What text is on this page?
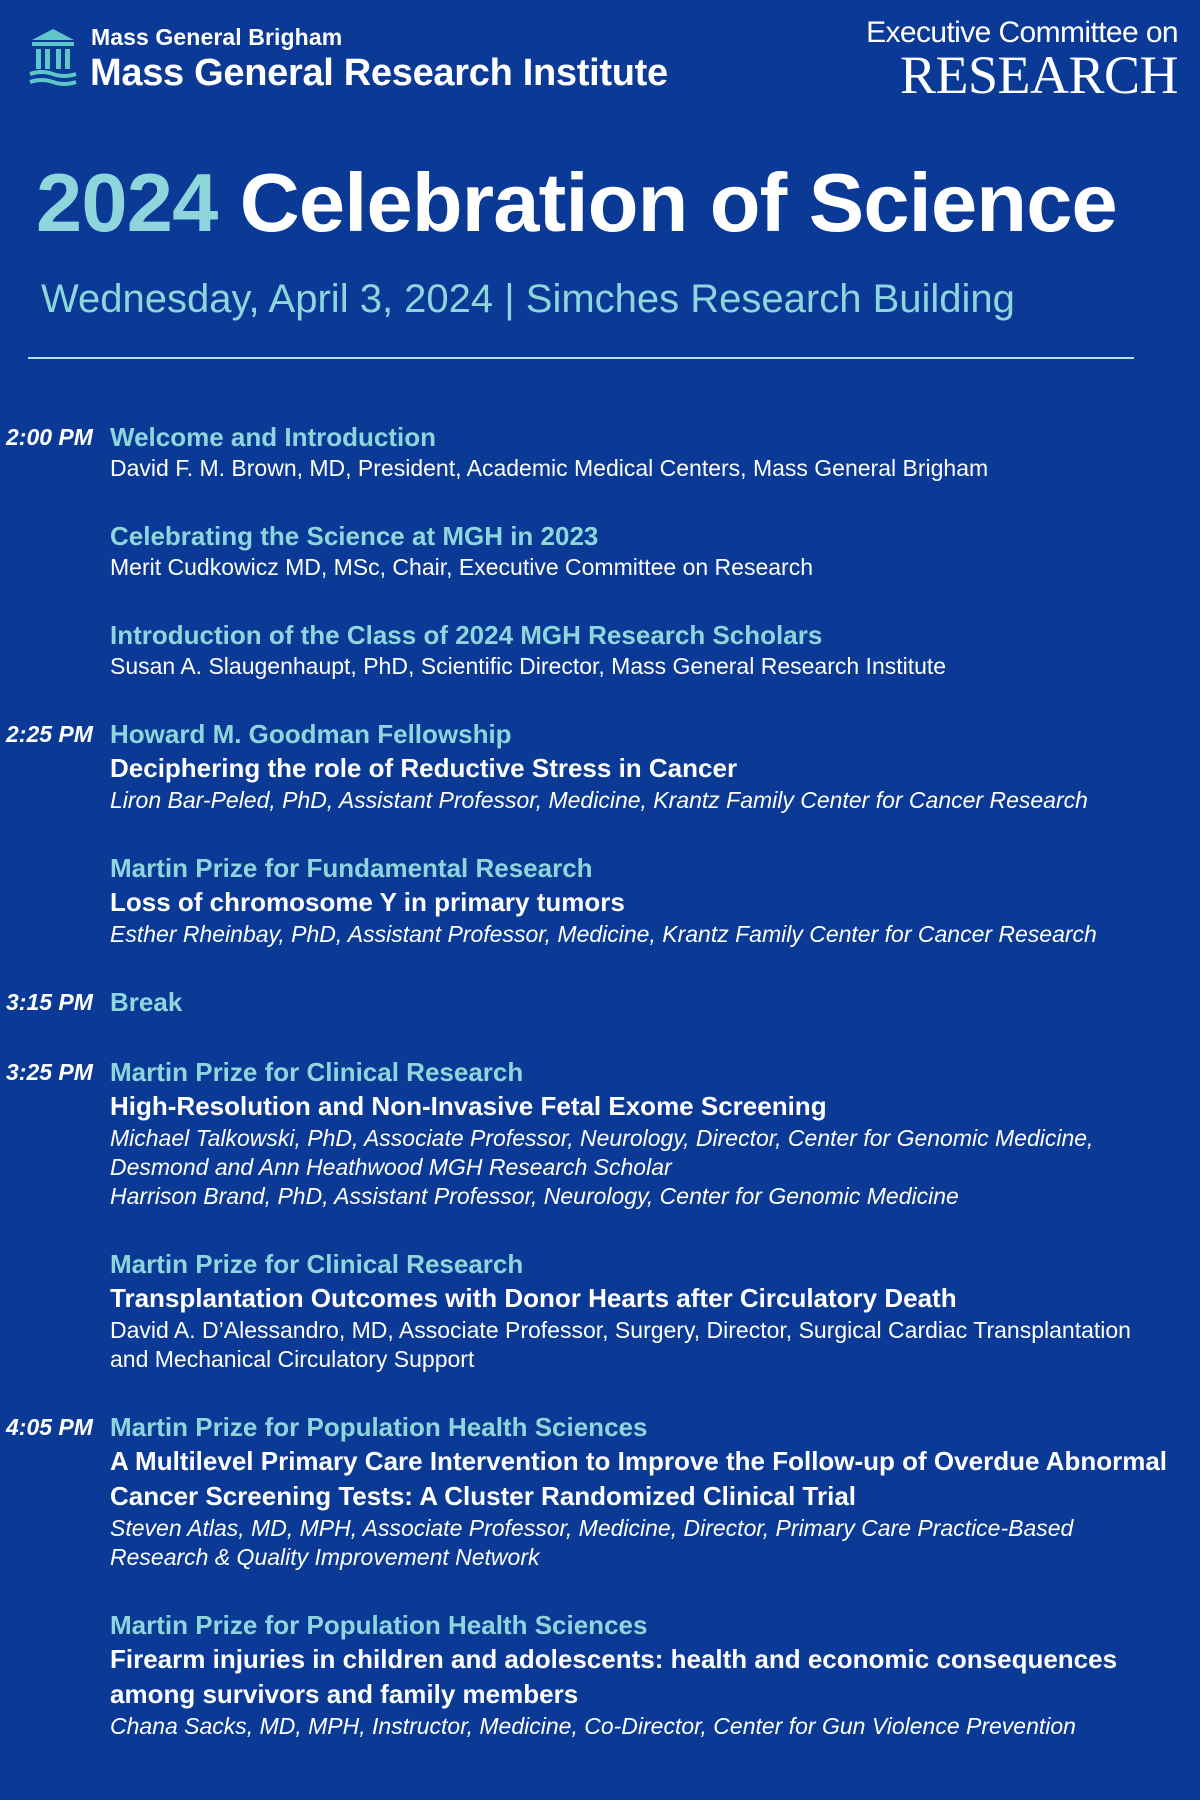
Mass General Brigham
Mass General Research Institute
Executive Committee on
RESEARCH
2024 Celebration of Science
Wednesday, April 3, 2024 | Simches Research Building
2:00 PM Welcome and Introduction
David F. M. Brown, MD, President, Academic Medical Centers, Mass General Brigham
Celebrating the Science at MGH in 2023
Merit Cudkowicz MD, MSc, Chair, Executive Committee on Research
Introduction of the Class of 2024 MGH Research Scholars
Susan A. Slaugenhaupt, PhD, Scientific Director, Mass General Research Institute
2:25 PM Howard M. Goodman Fellowship
Deciphering the role of Reductive Stress in Cancer
Liron Bar-Peled, PhD, Assistant Professor, Medicine, Krantz Family Center for Cancer Research
Martin Prize for Fundamental Research
Loss of chromosome Y in primary tumors
Esther Rheinbay, PhD, Assistant Professor, Medicine, Krantz Family Center for Cancer Research
3:15 PM Break
3:25 PM Martin Prize for Clinical Research
High-Resolution and Non-Invasive Fetal Exome Screening
Michael Talkowski, PhD, Associate Professor, Neurology, Director, Center for Genomic Medicine,
Desmond and Ann Heathwood MGH Research Scholar
Harrison Brand, PhD, Assistant Professor, Neurology, Center for Genomic Medicine
Martin Prize for Clinical Research
Transplantation Outcomes with Donor Hearts after Circulatory Death
David A. D’Alessandro, MD, Associate Professor, Surgery, Director, Surgical Cardiac Transplantation
and Mechanical Circulatory Support
4:05 PM Martin Prize for Population Health Sciences
A Multilevel Primary Care Intervention to Improve the Follow-up of Overdue Abnormal Cancer Screening Tests: A Cluster Randomized Clinical Trial
Steven Atlas, MD, MPH, Associate Professor, Medicine, Director, Primary Care Practice-Based
Research & Quality Improvement Network
Martin Prize for Population Health Sciences
Firearm injuries in children and adolescents: health and economic consequences among survivors and family members
Chana Sacks, MD, MPH, Instructor, Medicine, Co-Director, Center for Gun Violence Prevention
